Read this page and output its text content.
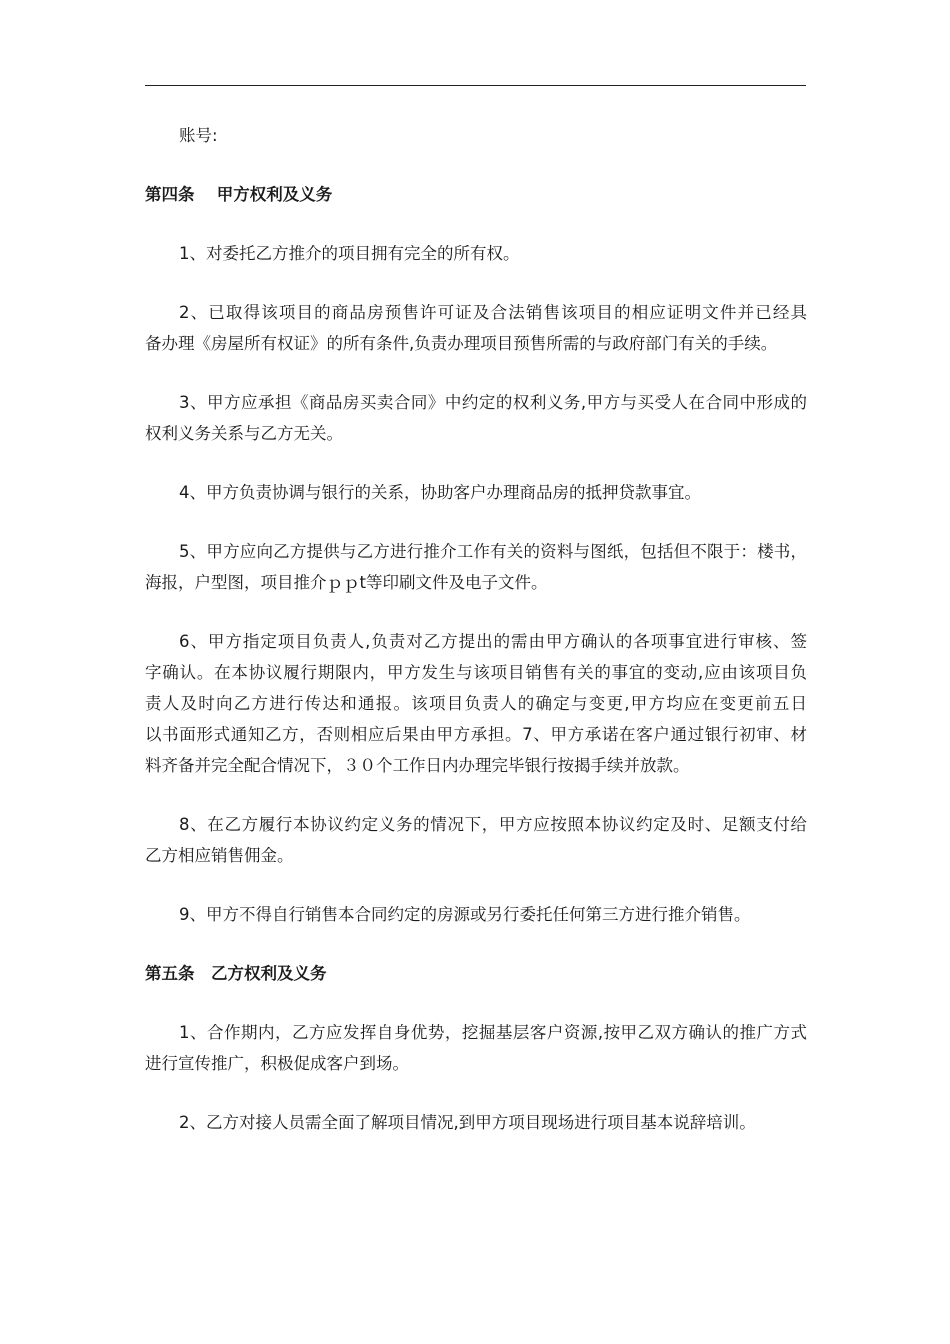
账号:

第四条　 甲方权利及义务

1、对委托乙方推介的项目拥有完全的所有权。

2、已取得该项目的商品房预售许可证及合法销售该项目的相应证明文件并已经具

备办理《房屋所有权证》的所有条件,负责办理项目预售所需的与政府部门有关的手续。

3、甲方应承担《商品房买卖合同》中约定的权利义务,甲方与买受人在合同中形成的

权利义务关系与乙方无关。

4、甲方负责协调与银行的关系，协助客户办理商品房的抵押贷款事宜。

5、甲方应向乙方提供与乙方进行推介工作有关的资料与图纸，包括但不限于：楼书，

海报，户型图，项目推介ｐｐt等印刷文件及电子文件。

6、甲方指定项目负责人,负责对乙方提出的需由甲方确认的各项事宜进行审核、签

字确认。在本协议履行期限内，甲方发生与该项目销售有关的事宜的变动,应由该项目负

责人及时向乙方进行传达和通报。该项目负责人的确定与变更,甲方均应在变更前五日

以书面形式通知乙方，否则相应后果由甲方承担。7、甲方承诺在客户通过银行初审、材

料齐备并完全配合情况下，３０个工作日内办理完毕银行按揭手续并放款。

8、在乙方履行本协议约定义务的情况下，甲方应按照本协议约定及时、足额支付给

乙方相应销售佣金。

9、甲方不得自行销售本合同约定的房源或另行委托任何第三方进行推介销售。

第五条　乙方权利及义务

1、合作期内，乙方应发挥自身优势，挖掘基层客户资源,按甲乙双方确认的推广方式

进行宣传推广，积极促成客户到场。

2、乙方对接人员需全面了解项目情况,到甲方项目现场进行项目基本说辞培训。
